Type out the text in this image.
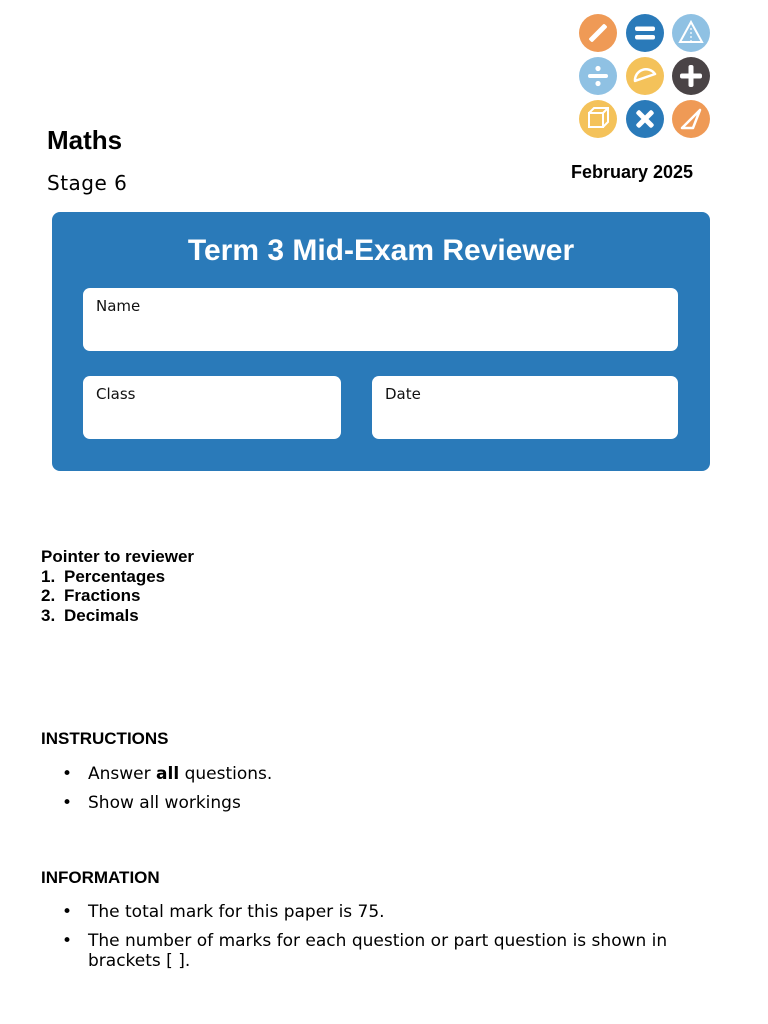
Maths
Stage 6	February 2025
Term 3 Mid-Exam Reviewer
Name
Class	Date
Pointer to reviewer
1. Percentages
2. Fractions
3. Decimals
INSTRUCTIONS
• Answer all questions.
• Show all workings
INFORMATION
• The total mark for this paper is 75.
• The number of marks for each question or part question is shown in brackets [ ].
